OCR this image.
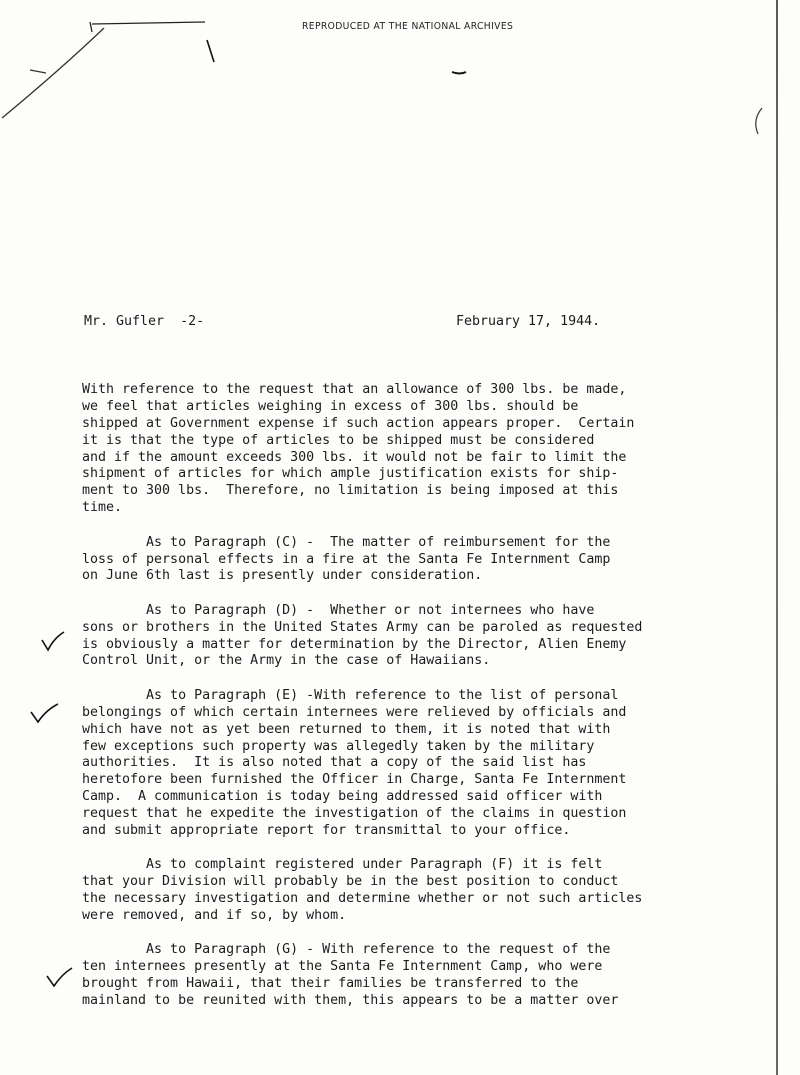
REPRODUCED AT THE NATIONAL ARCHIVES
Mr. Gufler  -2-	February 17, 1944.
With reference to the request that an allowance of 300 lbs. be made,
we feel that articles weighing in excess of 300 lbs. should be
shipped at Government expense if such action appears proper.  Certain
it is that the type of articles to be shipped must be considered
and if the amount exceeds 300 lbs. it would not be fair to limit the
shipment of articles for which ample justification exists for ship-
ment to 300 lbs.  Therefore, no limitation is being imposed at this
time.
As to Paragraph (C) -  The matter of reimbursement for the
loss of personal effects in a fire at the Santa Fe Internment Camp
on June 6th last is presently under consideration.
As to Paragraph (D) -  Whether or not internees who have
sons or brothers in the United States Army can be paroled as requested
is obviously a matter for determination by the Director, Alien Enemy
Control Unit, or the Army in the case of Hawaiians.
As to Paragraph (E) -With reference to the list of personal
belongings of which certain internees were relieved by officials and
which have not as yet been returned to them, it is noted that with
few exceptions such property was allegedly taken by the military
authorities.  It is also noted that a copy of the said list has
heretofore been furnished the Officer in Charge, Santa Fe Internment
Camp.  A communication is today being addressed said officer with
request that he expedite the investigation of the claims in question
and submit appropriate report for transmittal to your office.
As to complaint registered under Paragraph (F) it is felt
that your Division will probably be in the best position to conduct
the necessary investigation and determine whether or not such articles
were removed, and if so, by whom.
As to Paragraph (G) - With reference to the request of the
ten internees presently at the Santa Fe Internment Camp, who were
brought from Hawaii, that their families be transferred to the
mainland to be reunited with them, this appears to be a matter over
